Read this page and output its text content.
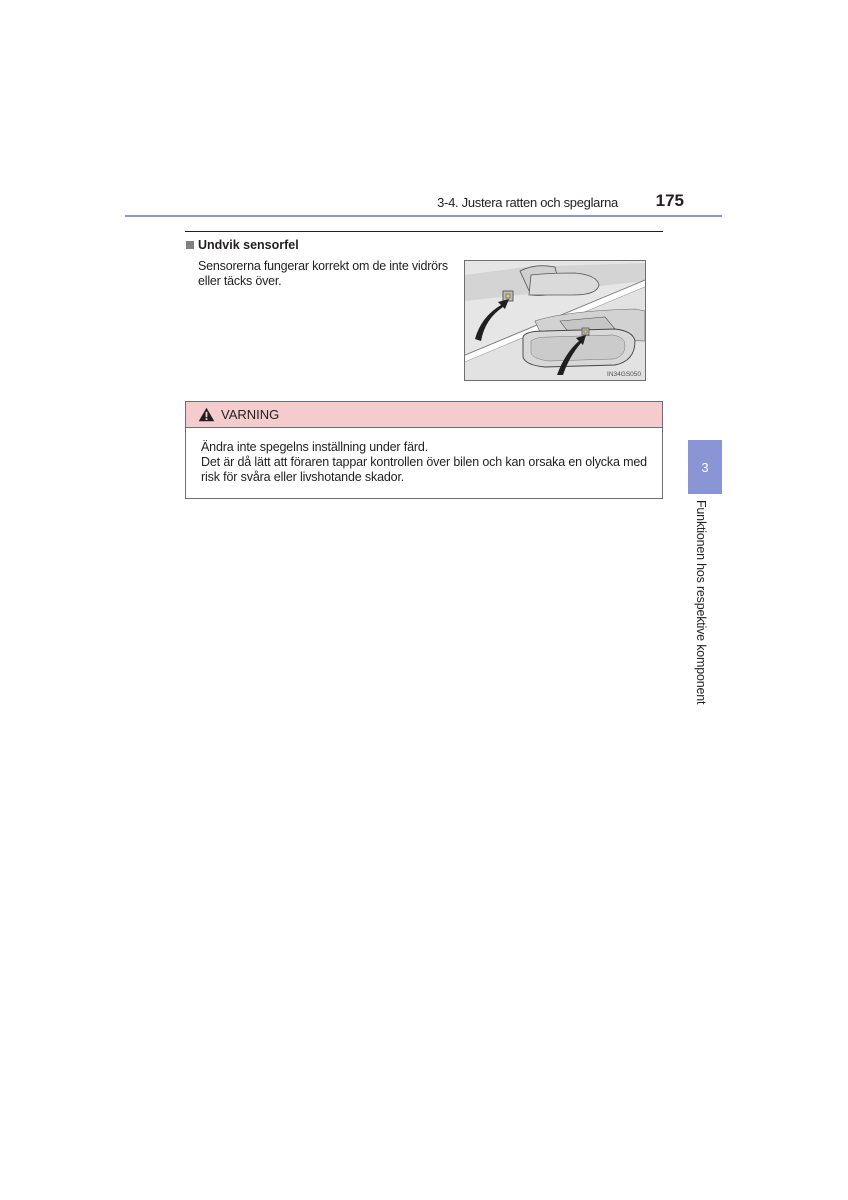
3-4. Justera ratten och speglarna	175
Undvik sensorfel
Sensorerna fungerar korrekt om de inte vidrörs eller täcks över.
IN34GS050
VARNING

Ändra inte spegelns inställning under färd.

Det är då lätt att föraren tappar kontrollen över bilen och kan orsaka en olycka med risk för svåra eller livshotande skador.

3
Funktionen hos respektive komponent
